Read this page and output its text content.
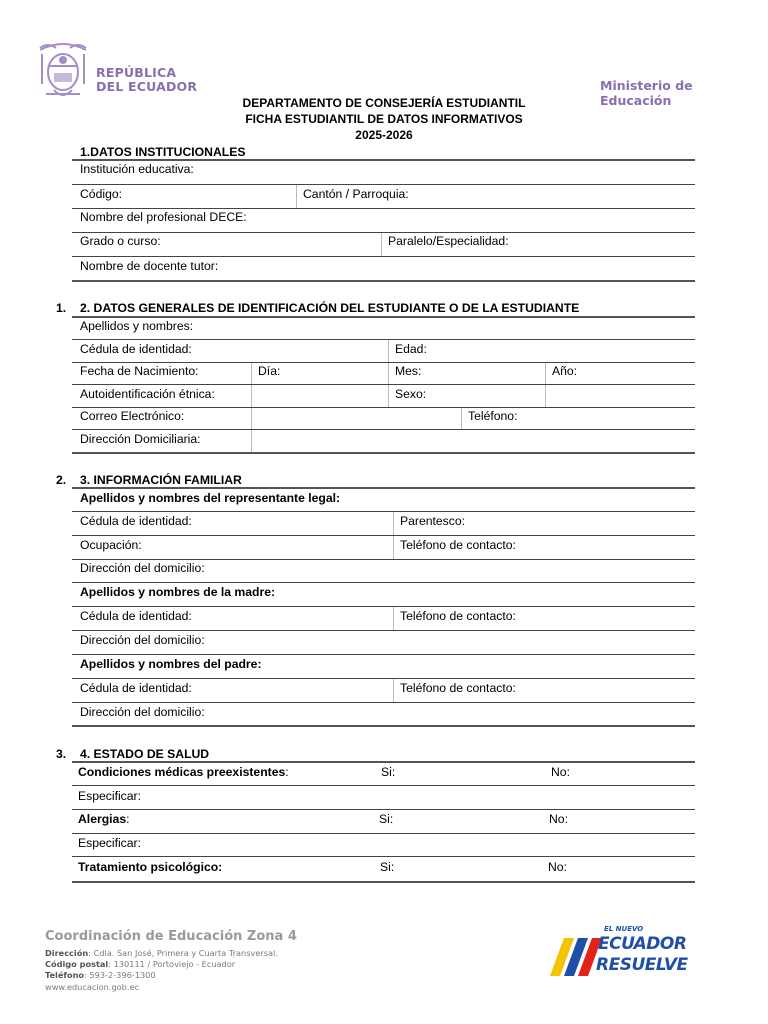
REPÚBLICA
DEL ECUADOR	Ministerio de Educación
DEPARTAMENTO DE CONSEJERÍA ESTUDIANTIL
FICHA ESTUDIANTIL DE DATOS INFORMATIVOS
2025-2026
1.DATOS INSTITUCIONALES
Institución educativa:
Código:	Cantón / Parroquia:
Nombre del profesional DECE:
Grado o curso:	Paralelo/Especialidad:
Nombre de docente tutor:
1. 2. DATOS GENERALES DE IDENTIFICACIÓN DEL ESTUDIANTE O DE LA ESTUDIANTE
Apellidos y nombres:
Cédula de identidad:	Edad:
Fecha de Nacimiento:	Día:	Mes:	Año:
Autoidentificación étnica:	Sexo:
Correo Electrónico:	Teléfono:
Dirección Domiciliaria:
2. 3. INFORMACIÓN FAMILIAR
Apellidos y nombres del representante legal:
Cédula de identidad:	Parentesco:
Ocupación:	Teléfono de contacto:
Dirección del domicilio:
Apellidos y nombres de la madre:
Cédula de identidad:	Teléfono de contacto:
Dirección del domicilio:
Apellidos y nombres del padre:
Cédula de identidad:	Teléfono de contacto:
Dirección del domicilio:
3. 4. ESTADO DE SALUD
Condiciones médicas preexistentes:	Si:	No:
Especificar:
Alergias:	Si:	No:
Especificar:
Tratamiento psicológico:	Si:	No:
Coordinación de Educación Zona 4
Dirección: Cdla. San José, Primera y Cuarta Transversal.
Código postal: 130111 / Portoviejo - Ecuador
Teléfono: 593-2-396-1300
www.educacion.gob.ec
EL NUEVO
ECUADOR
RESUELVE
